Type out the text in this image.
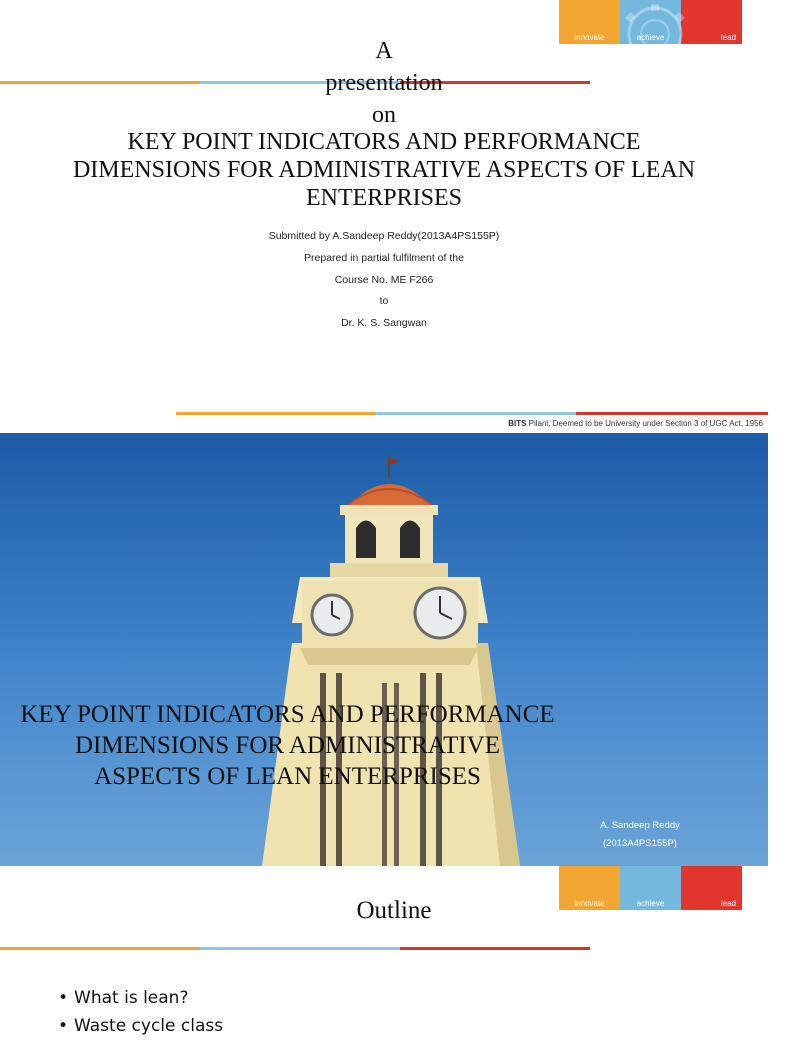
innovate	achieve	lead
A
presentation
on
KEY POINT INDICATORS AND PERFORMANCE DIMENSIONS FOR ADMINISTRATIVE ASPECTS OF LEAN ENTERPRISES
Submitted by A.Sandeep Reddy(2013A4PS155P)
Prepared in partial fulfilment of the
Course No. ME F266
to
Dr. K. S. Sangwan
BITS Pilani, Deemed to be University under Section 3 of UGC Act, 1956
KEY POINT INDICATORS AND PERFORMANCE DIMENSIONS FOR ADMINISTRATIVE ASPECTS OF LEAN ENTERPRISES
A. Sandeep Reddy
(2013A4PS155P)
innovate	achieve	lead
Outline
• What is lean?
• Waste cycle class
